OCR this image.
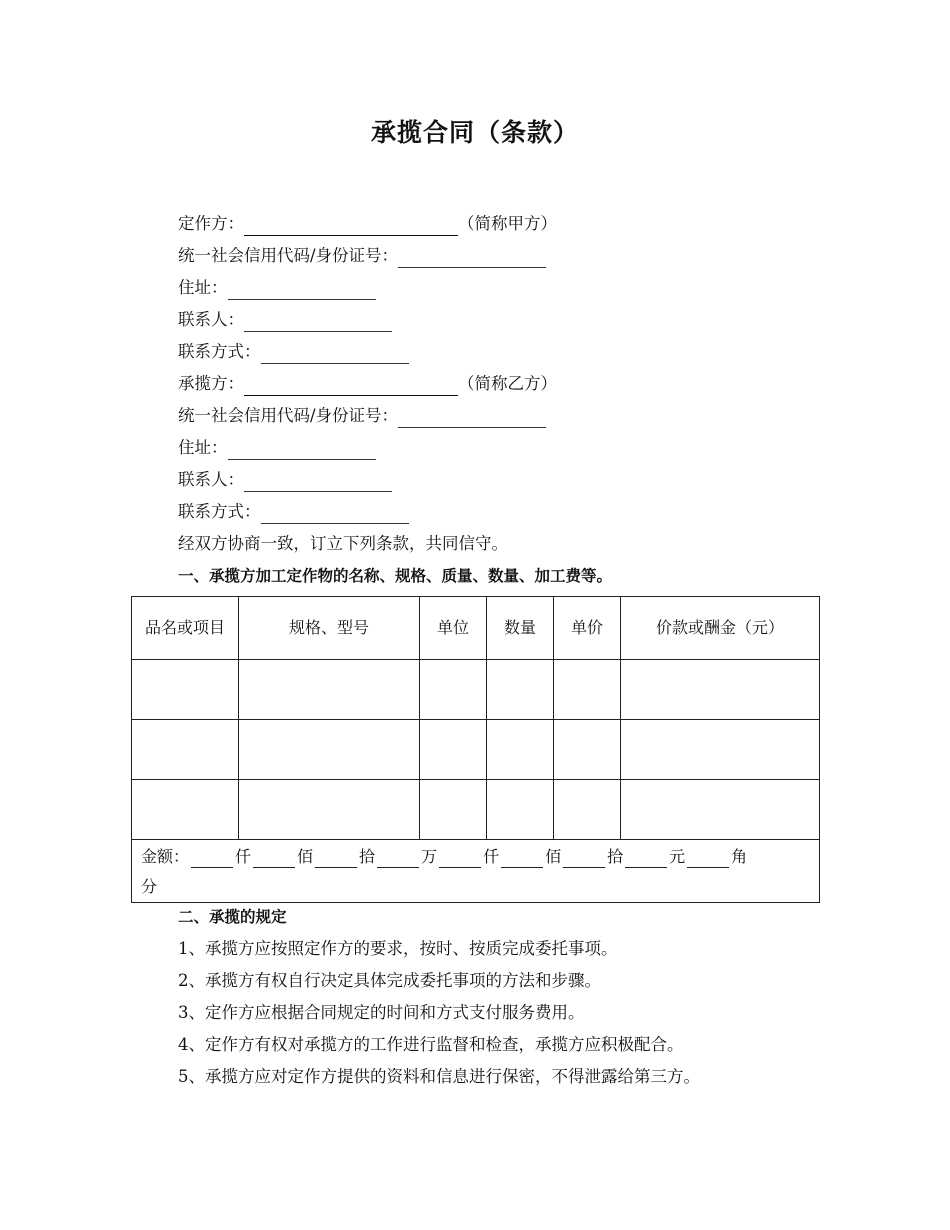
承揽合同（条款）
定作方：	（简称甲方）
统一社会信用代码/身份证号：
住址：
联系人：
联系方式：
承揽方：	（简称乙方）
统一社会信用代码/身份证号：
住址：
联系人：
联系方式：
经双方协商一致，订立下列条款，共同信守。
一、承揽方加工定作物的名称、规格、质量、数量、加工费等。
品名或项目	规格、型号	单位	数量	单价	价款或酬金（元）

金额： 仟 佰 拾 万 仟 佰 拾 元 角
分					
二、承揽的规定
1、承揽方应按照定作方的要求，按时、按质完成委托事项。
2、承揽方有权自行决定具体完成委托事项的方法和步骤。
3、定作方应根据合同规定的时间和方式支付服务费用。
4、定作方有权对承揽方的工作进行监督和检查，承揽方应积极配合。
5、承揽方应对定作方提供的资料和信息进行保密，不得泄露给第三方。
